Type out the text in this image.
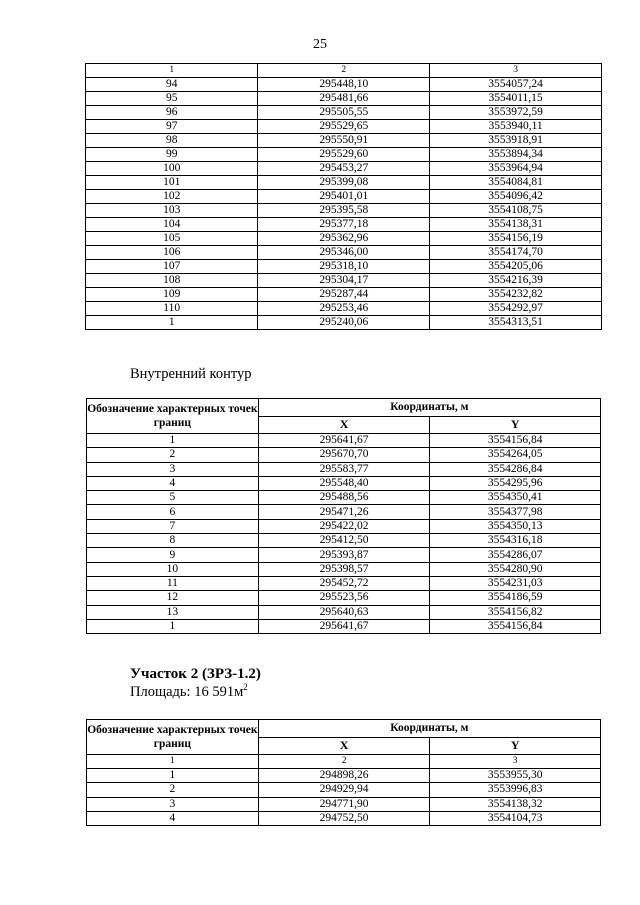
25
1	2	3
94	295448,10	3554057,24
95	295481,66	3554011,15
96	295505,55	3553972,59
97	295529,65	3553940,11
98	295550,91	3553918,91
99	295529,60	3553894,34
100	295453,27	3553964,94
101	295399,08	3554084,81
102	295401,01	3554096,42
103	295395,58	3554108,75
104	295377,18	3554138,31
105	295362,96	3554156,19
106	295346,00	3554174,70
107	295318,10	3554205,06
108	295304,17	3554216,39
109	295287,44	3554232,82
110	295253,46	3554292,97
1	295240,06	3554313,51
Внутренний контур
Обозначение характерных точек границ	Координаты, м	
	X	Y
1	295641,67	3554156,84
2	295670,70	3554264,05
3	295583,77	3554286,84
4	295548,40	3554295,96
5	295488,56	3554350,41
6	295471,26	3554377,98
7	295422,02	3554350,13
8	295412,50	3554316,18
9	295393,87	3554286,07
10	295398,57	3554280,90
11	295452,72	3554231,03
12	295523,56	3554186,59
13	295640,63	3554156,82
1	295641,67	3554156,84
Участок 2 (ЗРЗ-1.2)
Площадь: 16 $591м^2$
Обозначение характерных точек границ	Координаты, м	
	X	Y
1	2	3
1	294898,26	3553955,30
2	294929,94	3553996,83
3	294771,90	3554138,32
4	294752,50	3554104,73
